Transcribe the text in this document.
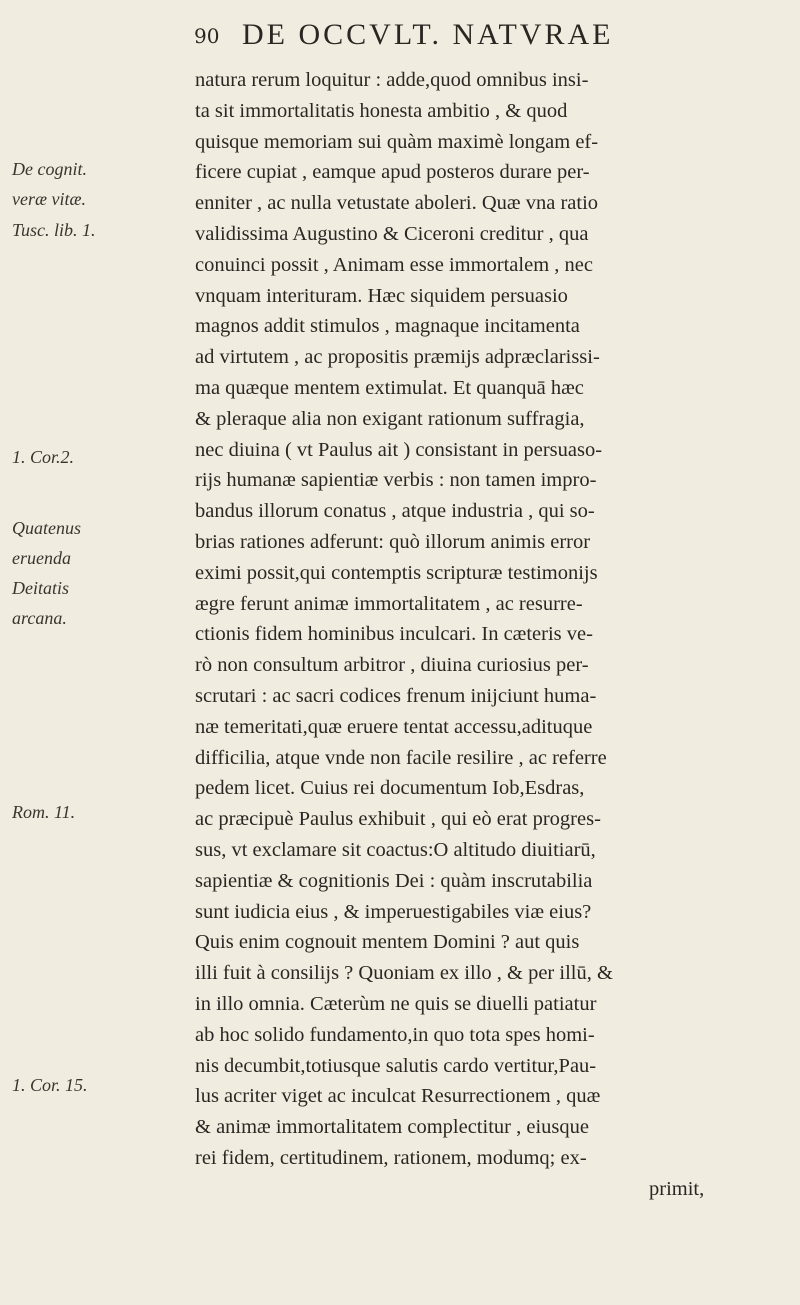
90 DE OCCVLT. NATVRAE
De cognit.
veræ vitæ.
Tusc. lib. 1.
1. Cor.2.
Quatenus
eruenda
Deitatis
arcana.
Rom. 11.
1. Cor. 15.
natura rerum loquitur : adde,quod omnibus insi-
ta sit immortalitatis honesta ambitio , & quod
quisque memoriam sui quàm maximè longam ef-
ficere cupiat , eamque apud posteros durare per-
enniter , ac nulla vetustate aboleri. Quæ vna ratio
validissima Augustino & Ciceroni creditur , qua
conuinci possit , Animam esse immortalem , nec
vnquam interituram. Hæc siquidem persuasio
magnos addit stimulos , magnaque incitamenta
ad virtutem , ac propositis præmijs adpræclarissi-
ma quæque mentem extimulat. Et quanquā hæc
& pleraque alia non exigant rationum suffragia,
nec diuina ( vt Paulus ait ) consistant in persuaso-
rijs humanæ sapientiæ verbis : non tamen impro-
bandus illorum conatus , atque industria , qui so-
brias rationes adferunt: quò illorum animis error
eximi possit,qui contemptis scripturæ testimonijs
ægre ferunt animæ immortalitatem , ac resurre-
ctionis fidem hominibus inculcari. In cæteris ve-
rò non consultum arbitror , diuina curiosius per-
scrutari : ac sacri codices frenum inijciunt huma-
næ temeritati,quæ eruere tentat accessu,adituque
difficilia, atque vnde non facile resilire , ac referre
pedem licet. Cuius rei documentum Iob,Esdras,
ac præcipuè Paulus exhibuit , qui eò erat progres-
sus, vt exclamare sit coactus:O altitudo diuitiarū,
sapientiæ & cognitionis Dei : quàm inscrutabilia
sunt iudicia eius , & imperuestigabiles viæ eius?
Quis enim cognouit mentem Domini ? aut quis
illi fuit à consilijs ? Quoniam ex illo , & per illū, &
in illo omnia. Cæterùm ne quis se diuelli patiatur
ab hoc solido fundamento,in quo tota spes homi-
nis decumbit,totiusque salutis cardo vertitur,Pau-
lus acriter viget ac inculcat Resurrectionem , quæ
& animæ immortalitatem complectitur , eiusque
rei fidem, certitudinem, rationem, modumq; ex-
primit,
